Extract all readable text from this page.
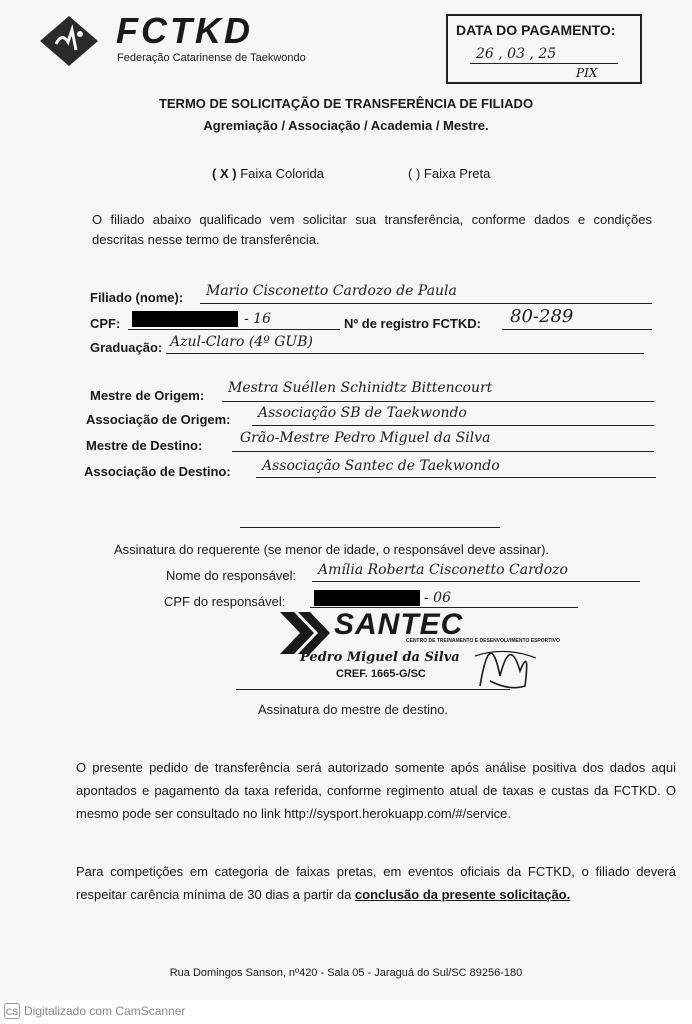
FCTKD
Federação Catarinense de Taekwondo
DATA DO PAGAMENTO:
26 , 03 , 25
PIX
TERMO DE SOLICITAÇÃO DE TRANSFERÊNCIA DE FILIADO
Agremiação / Associação / Academia / Mestre.
( X ) Faixa Colorida	( ) Faixa Preta
O filiado abaixo qualificado vem solicitar sua transferência, conforme dados e condições descritas nesse termo de transferência.
Filiado (nome): Mario Cisconetto Cardozo de Paula
CPF:	- 16	Nº de registro FCTKD: 80-289
Graduação: Azul-Claro (4º GUB)
Mestre de Origem: Mestra Suéllen Schinidtz Bittencourt
Associação de Origem: Associação SB de Taekwondo
Mestre de Destino:	Grão-Mestre Pedro Miguel da Silva
Associação de Destino: Associação Santec de Taekwondo
Assinatura do requerente (se menor de idade, o responsável deve assinar).
Nome do responsável: Amília Roberta Cisconetto Cardozo
CPF do responsável:	- 06
SANTEC
CENTRO DE TREINAMENTO E DESENVOLVIMENTO ESPORTIVO
Pedro Miguel da Silva
CREF. 1665-G/SC
Assinatura do mestre de destino.
O presente pedido de transferência será autorizado somente após análise positiva dos dados aqui apontados e pagamento da taxa referida, conforme regimento atual de taxas e custas da FCTKD. O mesmo pode ser consultado no link http://sysport.herokuapp.com/#/service.
Para competições em categoria de faixas pretas, em eventos oficiais da FCTKD, o filiado deverá respeitar carência mínima de 30 dias a partir da conclusão da presente solicitação.
Rua Domingos Sanson, nº420 - Sala 05 - Jaraguá do Sul/SC 89256-180
CS Digitalizado com CamScanner
